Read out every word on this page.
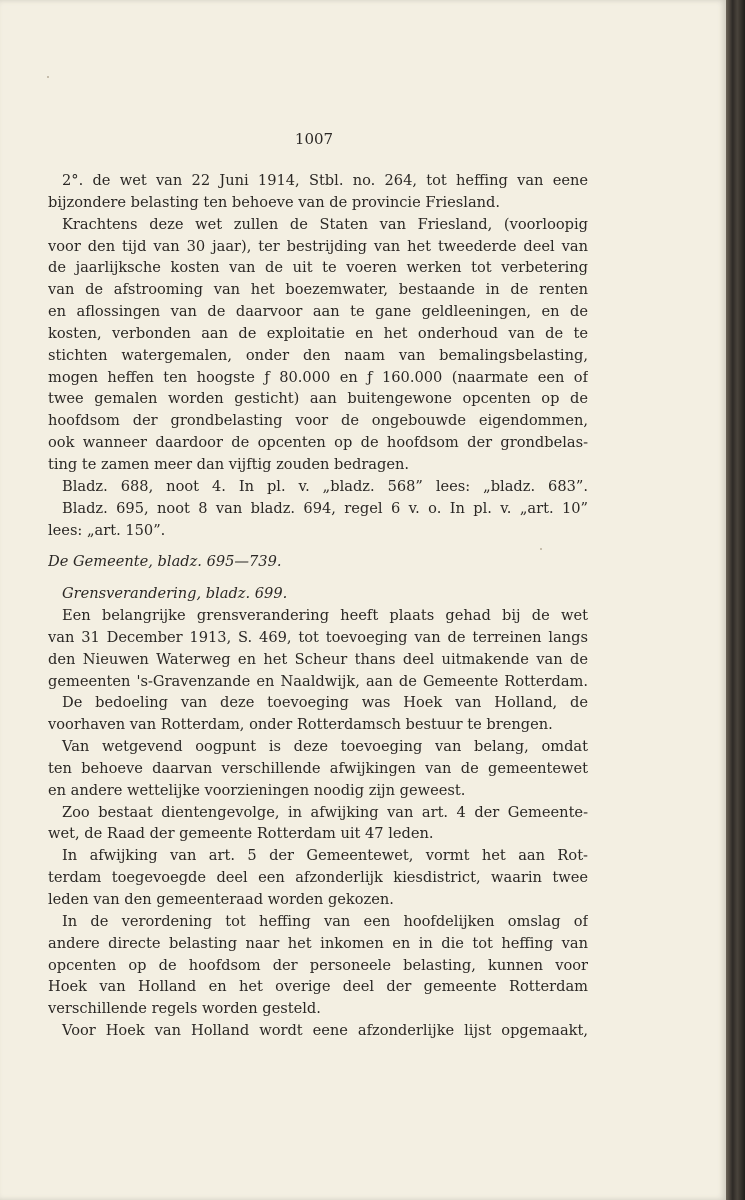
1007
2°. de wet van 22 Juni 1914, Stbl. no. 264, tot heffing van eene
bijzondere belasting ten behoeve van de provincie Friesland.
Krachtens deze wet zullen de Staten van Friesland, (voorloopig
voor den tijd van 30 jaar), ter bestrijding van het tweederde deel van
de jaarlijksche kosten van de uit te voeren werken tot verbetering
van de afstrooming van het boezemwater, bestaande in de renten
en aflossingen van de daarvoor aan te gane geldleeningen, en de
kosten, verbonden aan de exploitatie en het onderhoud van de te
stichten watergemalen, onder den naam van bemalingsbelasting,
mogen heffen ten hoogste ƒ 80.000 en ƒ 160.000 (naarmate een of
twee gemalen worden gesticht) aan buitengewone opcenten op de
hoofdsom der grondbelasting voor de ongebouwde eigendommen,
ook wanneer daardoor de opcenten op de hoofdsom der grondbelas-
ting te zamen meer dan vijftig zouden bedragen.
Bladz. 688, noot 4. In pl. v. „bladz. 568” lees: „bladz. 683”.
Bladz. 695, noot 8 van bladz. 694, regel 6 v. o. In pl. v. „art. 10”
lees: „art. 150”.
De Gemeente, bladz. 695—739.
Grensverandering, bladz. 699.
Een belangrijke grensverandering heeft plaats gehad bij de wet
van 31 December 1913, S. 469, tot toevoeging van de terreinen langs
den Nieuwen Waterweg en het Scheur thans deel uitmakende van de
gemeenten 's-Gravenzande en Naaldwijk, aan de Gemeente Rotterdam.
De bedoeling van deze toevoeging was Hoek van Holland, de
voorhaven van Rotterdam, onder Rotterdamsch bestuur te brengen.
Van wetgevend oogpunt is deze toevoeging van belang, omdat
ten behoeve daarvan verschillende afwijkingen van de gemeentewet
en andere wettelijke voorzieningen noodig zijn geweest.
Zoo bestaat dientengevolge, in afwijking van art. 4 der Gemeente-
wet, de Raad der gemeente Rotterdam uit 47 leden.
In afwijking van art. 5 der Gemeentewet, vormt het aan Rot-
terdam toegevoegde deel een afzonderlijk kiesdistrict, waarin twee
leden van den gemeenteraad worden gekozen.
In de verordening tot heffing van een hoofdelijken omslag of
andere directe belasting naar het inkomen en in die tot heffing van
opcenten op de hoofdsom der personeele belasting, kunnen voor
Hoek van Holland en het overige deel der gemeente Rotterdam
verschillende regels worden gesteld.
Voor Hoek van Holland wordt eene afzonderlijke lijst opgemaakt,
